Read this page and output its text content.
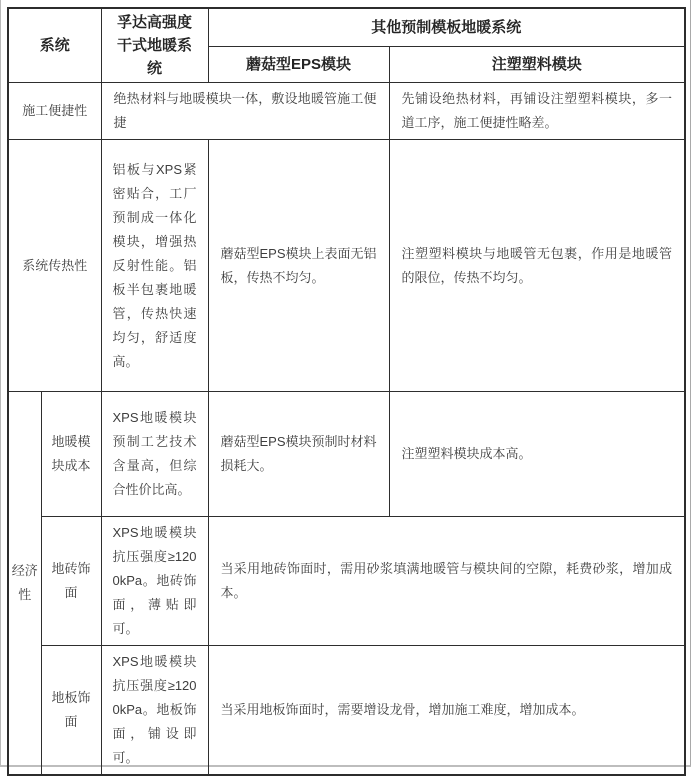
系统		孚达高强度干式地暖系统	其他预制模板地暖系统	
			蘑菇型EPS模块	注塑塑料模块
施工便捷性		绝热材料与地暖模块一体，敷设地暖管施工便捷		先铺设绝热材料，再铺设注塑塑料模块，多一道工序，施工便捷性略差。
系统传热性		铝板与XPS紧密贴合，工厂预制成一体化模块，增强热反射性能。铝板半包裹地暖管，传热快速均匀，舒适度高。	蘑菇型EPS模块上表面无铝板，传热不均匀。	注塑塑料模块与地暖管无包裹，作用是地暖管的限位，传热不均匀。
经济性	地暖模块成本	XPS地暖模块预制工艺技术含量高，但综合性价比高。	蘑菇型EPS模块预制时材料损耗大。	注塑塑料模块成本高。
	地砖饰面	XPS地暖模块抗压强度≥1200kPa。地砖饰面，薄贴即可。	当采用地砖饰面时，需用砂浆填满地暖管与模块间的空隙，耗费砂浆，增加成本。	
	地板饰面	XPS地暖模块抗压强度≥1200kPa。地板饰面，铺设即可。	当采用地板饰面时，需要增设龙骨，增加施工难度，增加成本。	
